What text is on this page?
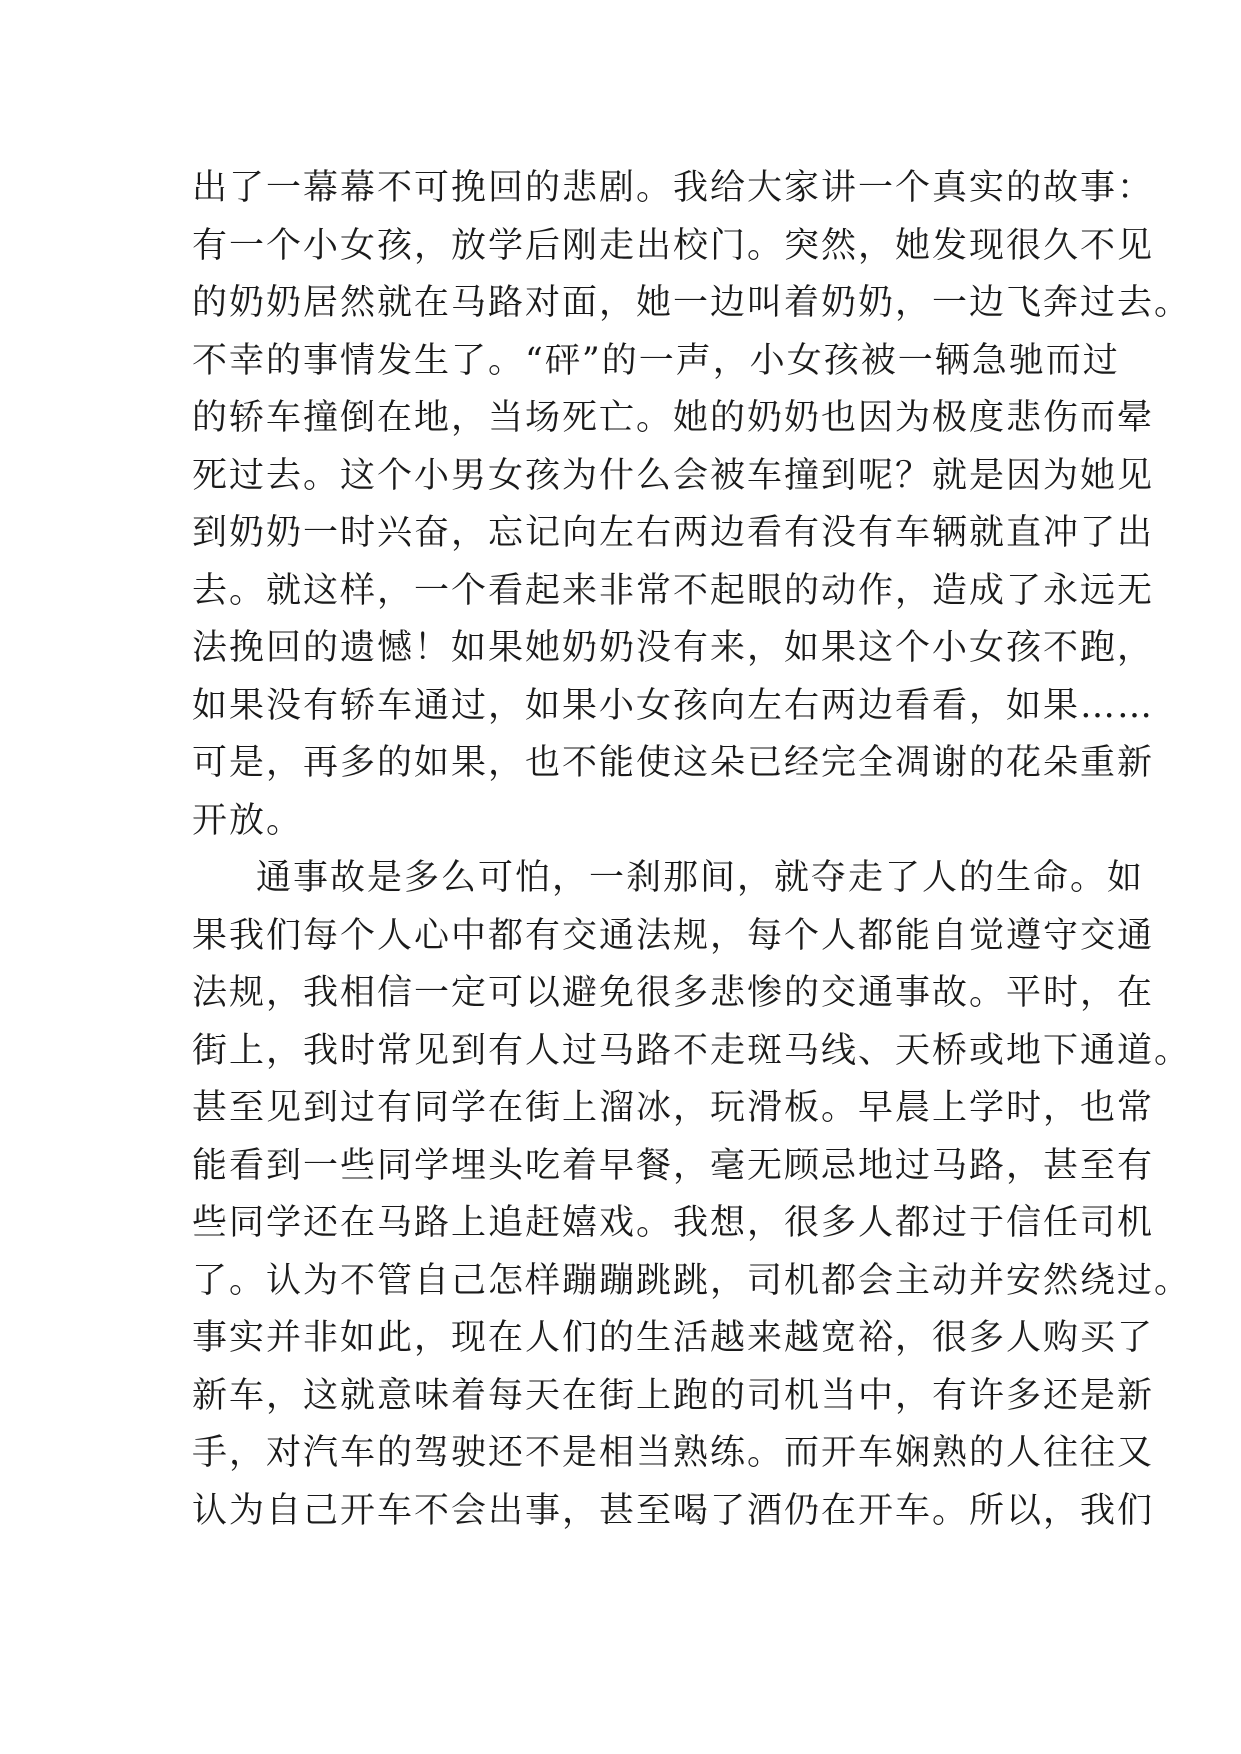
出了一幕幕不可挽回的悲剧。我给大家讲一个真实的故事：
有一个小女孩，放学后刚走出校门。突然，她发现很久不见
的奶奶居然就在马路对面，她一边叫着奶奶，一边飞奔过去。
不幸的事情发生了。“砰”的一声，小女孩被一辆急驰而过
的轿车撞倒在地，当场死亡。她的奶奶也因为极度悲伤而晕
死过去。这个小男女孩为什么会被车撞到呢？就是因为她见
到奶奶一时兴奋，忘记向左右两边看有没有车辆就直冲了出
去。就这样，一个看起来非常不起眼的动作，造成了永远无
法挽回的遗憾！如果她奶奶没有来，如果这个小女孩不跑，
如果没有轿车通过，如果小女孩向左右两边看看，如果……
可是，再多的如果，也不能使这朵已经完全凋谢的花朵重新
开放。
通事故是多么可怕，一刹那间，就夺走了人的生命。如
果我们每个人心中都有交通法规，每个人都能自觉遵守交通
法规，我相信一定可以避免很多悲惨的交通事故。平时，在
街上，我时常见到有人过马路不走斑马线、天桥或地下通道。
甚至见到过有同学在街上溜冰，玩滑板。早晨上学时，也常
能看到一些同学埋头吃着早餐，毫无顾忌地过马路，甚至有
些同学还在马路上追赶嬉戏。我想，很多人都过于信任司机
了。认为不管自己怎样蹦蹦跳跳，司机都会主动并安然绕过。
事实并非如此，现在人们的生活越来越宽裕，很多人购买了
新车，这就意味着每天在街上跑的司机当中，有许多还是新
手，对汽车的驾驶还不是相当熟练。而开车娴熟的人往往又
认为自己开车不会出事，甚至喝了酒仍在开车。所以，我们
